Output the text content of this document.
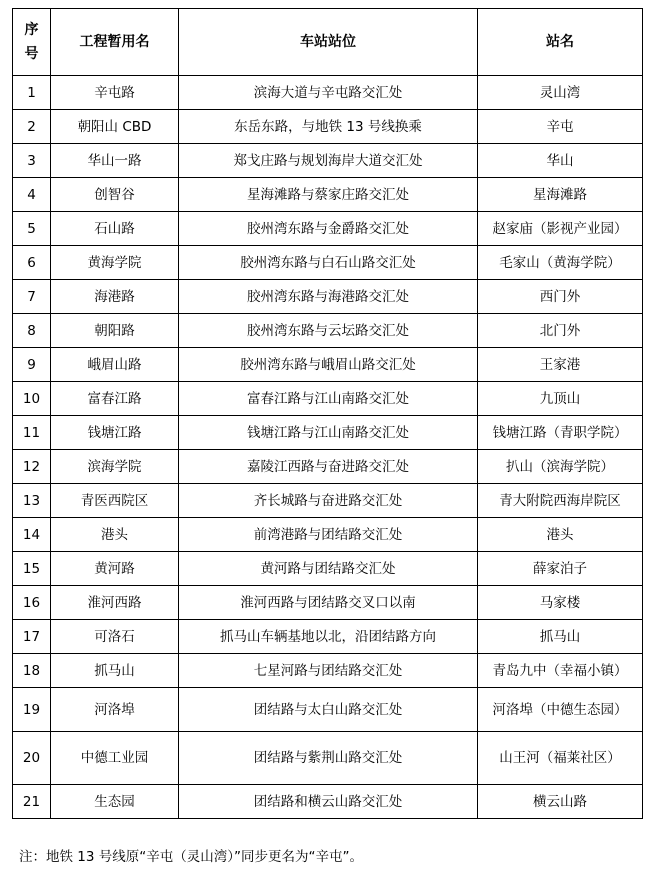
序
号	工程暂用名	车站站位	站名
1	辛屯路	滨海大道与辛屯路交汇处	灵山湾
2	朝阳山 CBD	东岳东路，与地铁 13 号线换乘	辛屯
3	华山一路	郑戈庄路与规划海岸大道交汇处	华山
4	创智谷	星海滩路与蔡家庄路交汇处	星海滩路
5	石山路	胶州湾东路与金爵路交汇处	赵家庙（影视产业园）
6	黄海学院	胶州湾东路与白石山路交汇处	毛家山（黄海学院）
7	海港路	胶州湾东路与海港路交汇处	西门外
8	朝阳路	胶州湾东路与云坛路交汇处	北门外
9	峨眉山路	胶州湾东路与峨眉山路交汇处	王家港
10	富春江路	富春江路与江山南路交汇处	九顶山
11	钱塘江路	钱塘江路与江山南路交汇处	钱塘江路（青职学院）
12	滨海学院	嘉陵江西路与奋进路交汇处	扒山（滨海学院）
13	青医西院区	齐长城路与奋进路交汇处	青大附院西海岸院区
14	港头	前湾港路与团结路交汇处	港头
15	黄河路	黄河路与团结路交汇处	薛家泊子
16	淮河西路	淮河西路与团结路交叉口以南	马家楼
17	可洛石	抓马山车辆基地以北，沿团结路方向	抓马山
18	抓马山	七星河路与团结路交汇处	青岛九中（幸福小镇）
19	河洛埠	团结路与太白山路交汇处	河洛埠（中德生态园）
20	中德工业园	团结路与紫荆山路交汇处	山王河（福莱社区）
21	生态园	团结路和横云山路交汇处	横云山路
注：地铁 13 号线原“辛屯（灵山湾）”同步更名为“辛屯”。
